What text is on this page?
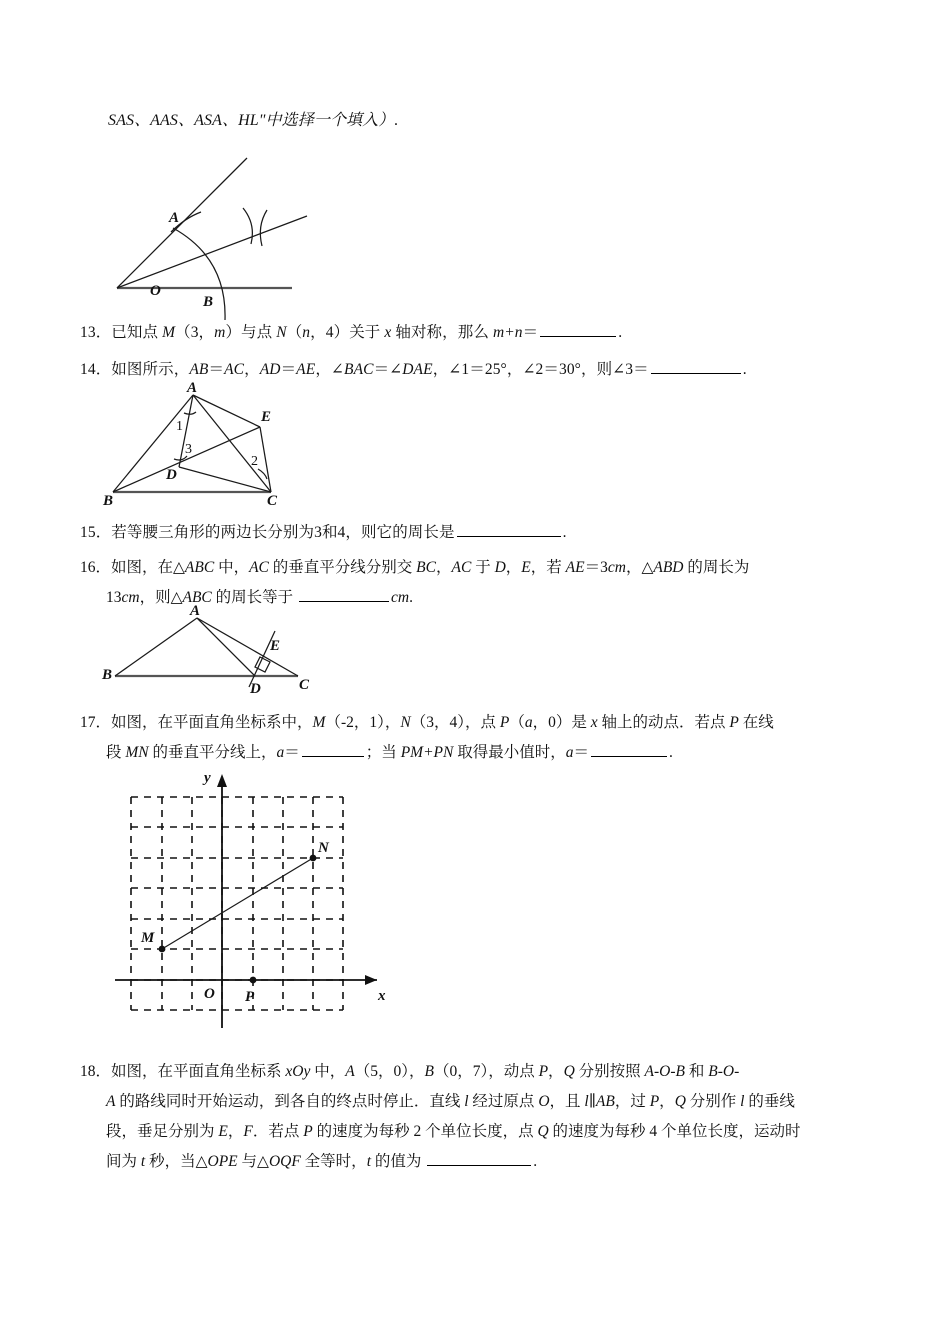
SAS、AAS、ASA、HL"中选择一个填入）.
O
A
B
13．已知点 M（3，m）与点 N（n，4）关于 x 轴对称，那么 m+n＝	.
14．如图所示，AB＝AC，AD＝AE，∠BAC＝∠DAE，∠1＝25°，∠2＝30°，则∠3＝	.
A
B	C
D
E
1
2
3
15．若等腰三角形的两边长分别为3和4，则它的周长是	.
16．如图，在△ABC 中，AC 的垂直平分线分别交 BC，AC 于 D，E，若 AE＝3cm，△ABD 的周长为
13cm，则△ABC 的周长等于	cm.
A
B
C
D
E
17．如图，在平面直角坐标系中，M（‑2，1），N（3，4），点 P（a，0）是 x 轴上的动点．若点 P 在线
段 MN 的垂直平分线上，a＝	；当 PM+PN 取得最小值时，a＝	.
M
N
O P	x
y
18．如图，在平面直角坐标系 xOy 中，A（5，0），B（0，7），动点 P，Q 分别按照 A‑O‑B 和 B‑O‑
A 的路线同时开始运动，到各自的终点时停止．直线 l 经过原点 O，且 l∥AB，过 P，Q 分别作 l 的垂线
段，垂足分别为 E，F．若点 P 的速度为每秒 2 个单位长度，点 Q 的速度为每秒 4 个单位长度，运动时
间为 t 秒，当△OPE 与△OQF 全等时，t 的值为	.
